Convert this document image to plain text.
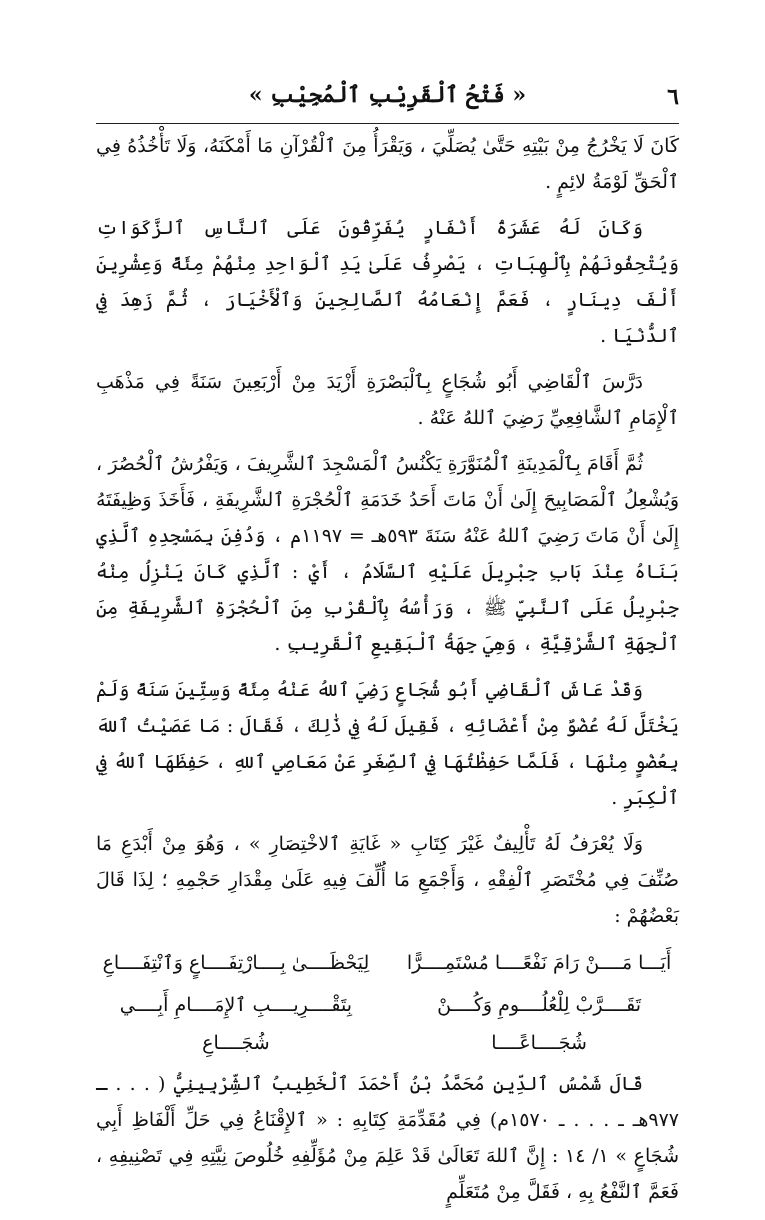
٦
« فَتْحُ ٱلْقَرِيْبِ ٱلْمُجِيْبِ »

كَانَ لَا يَخْرُجُ مِنْ بَيْتِهِ حَتَّىٰ يُصَلِّيَ ، وَيَقْرَأُ مِنَ ٱلْقُرْآنِ مَا أَمْكَنَهُ، وَلَا تَأْخُذُهُ فِي ٱلْحَقِّ لَوْمَةُ لائِمٍ .

وَكَانَ لَهُ عَشَرَةُ أَنْفَارٍ يُفَرِّقُونَ عَلَى ٱلنَّاسِ ٱلزَّكَوَاتِ وَيُتْحِفُونَهُمْ بِٱلْهِبَاتِ ، يَصْرِفُ عَلَىٰ يَدِ ٱلْوَاحِدِ مِنْهُمْ مِئَةً وَعِشْرِينَ أَلْفَ دِينَارٍ ، فَعَمَّ إِنْعَامُهُ ٱلصَّالِحِينَ وَٱلْأَخْيَارَ ، ثُمَّ زَهِدَ فِي ٱلدُّنْيَا .

دَرَّسَ ٱلْقَاضِي أَبُو شُجَاعٍ بِٱلْبَصْرَةِ أَزْيَدَ مِنْ أَرْبَعِينَ سَنَةً فِي مَذْهَبِ ٱلْإِمَامِ ٱلشَّافِعِيِّ رَضِيَ ٱللهُ عَنْهُ .

ثُمَّ أَقَامَ بِٱلْمَدِينَةِ ٱلْمُنَوَّرَةِ يَكْنُسُ ٱلْمَسْجِدَ ٱلشَّرِيفَ ، وَيَفْرُشُ ٱلْحُصُرَ ، وَيُشْعِلُ ٱلْمَصَابِيحَ إِلَىٰ أَنْ مَاتَ أَحَدُ خَدَمَةِ ٱلْحُجْرَةِ ٱلشَّرِيفَةِ ، فَأَخَذَ وَظِيفَتَهُ إِلَىٰ أَنْ مَاتَ رَضِيَ ٱللهُ عَنْهُ سَنَةَ ٥٩٣هـ = ١١٩٧م ، وَدُفِنَ بِمَسْجِدِهِ ٱلَّذِي بَنَاهُ عِنْدَ بَابِ جِبْرِيلَ عَلَيْهِ ٱلسَّلَامُ ، أَيْ : ٱلَّذِي كَانَ يَنْزِلُ مِنْهُ جِبْرِيلُ عَلَى ٱلنَّبِيِّ ﷺ ، وَرَأْسُهُ بِٱلْقُرْبِ مِنَ ٱلْحُجْرَةِ ٱلشَّرِيفَةِ مِنَ ٱلْجِهَةِ ٱلشَّرْقِيَّةِ ، وَهِيَ جِهَةُ ٱلْبَقِيعِ ٱلْقَرِيبِ .

وَقَدْ عَاشَ ٱلْقَاضِي أَبُو شُجَاعٍ رَضِيَ ٱللهُ عَنْهُ مِئَةً وَسِتِّينَ سَنَةً وَلَمْ يَخْتَلَّ لَهُ عُضْوٌ مِنْ أَعْضَائِهِ ، فَقِيلَ لَهُ فِي ذَٰلِكَ ، فَقَالَ : مَا عَصَيْتُ ٱللهَ بِعُضْوٍ مِنْهَا ، فَلَمَّا حَفِظْتُهَا فِي ٱلصِّغَرِ عَنْ مَعَاصِي ٱللهِ ، حَفِظَهَا ٱللهُ فِي ٱلْكِبَرِ .

وَلَا يُعْرَفُ لَهُ تَأْلِيفٌ غَيْرَ كِتَابِ « غَايَةِ ٱلاخْتِصَارِ » ، وَهُوَ مِنْ أَبْدَعِ مَا صُنِّفَ فِي مُخْتَصَرِ ٱلْفِقْهِ ، وَأَجْمَعِ مَا أُلِّفَ فِيهِ عَلَىٰ مِقْدَارِ حَجْمِهِ ؛ لِذَا قَالَ بَعْضُهُمْ :

أَيَـــا مَــــنْ رَامَ نَفْعًــــا مُسْتَمِــــرًّا
لِيَحْظَــــىٰ بِــــارْتِفَــــاعٍ وَٱنْتِفَــــاعِ
تَقَــــرَّبْ لِلْعُلُــــومِ وَكُــــنْ شُجَــــاعًــــا
بِتَقْــــرِيــــبِ ٱلإِمَــــامِ أَبِــــي شُجَــــاعِ

قَالَ شَمْسُ ٱلدِّينِ مُحَمَّدُ بْنُ أَحْمَدَ ٱلْخَطِيبُ ٱلشِّرْبِينِيُّ ( . . . ـ ٩٧٧هـ ـ . . . ـ ١٥٧٠م) فِي مُقَدِّمَةِ كِتَابِهِ : « ٱلإِقْنَاعُ فِي حَلِّ أَلْفَاظِ أَبِي شُجَاعٍ » ١/ ١٤ : إِنَّ ٱللهَ تَعَالَىٰ قَدْ عَلِمَ مِنْ مُؤَلِّفِهِ خُلُوصَ نِيَّتِهِ فِي تَصْنِيفِهِ ، فَعَمَّ ٱلنَّفْعُ بِهِ ، فَقَلَّ مِنْ مُتَعَلِّمٍ
